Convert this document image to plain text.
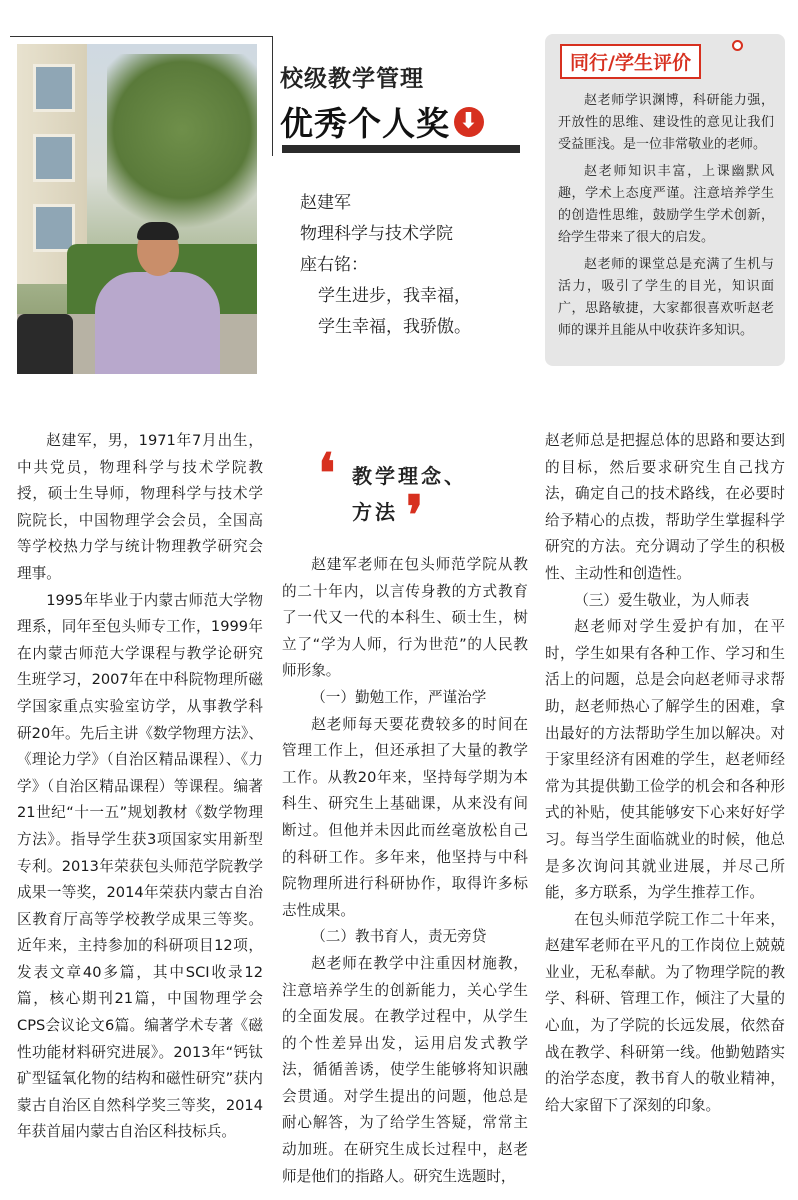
校级教学管理
优秀个人奖 ⬇
赵建军
物理科学与技术学院
座右铭：
学生进步，我幸福，
学生幸福，我骄傲。
同行/学生评价

赵老师学识渊博，科研能力强，开放性的思维、建设性的意见让我们受益匪浅。是一位非常敬业的老师。

赵老师知识丰富，上课幽默风趣，学术上态度严谨。注意培养学生的创造性思维，鼓励学生学术创新，给学生带来了很大的启发。

赵老师的课堂总是充满了生机与活力，吸引了学生的目光，知识面广，思路敏捷，大家都很喜欢听赵老师的课并且能从中收获许多知识。

赵建军，男，1971年7月出生，中共党员，物理科学与技术学院教授，硕士生导师，物理科学与技术学院院长，中国物理学会会员，全国高等学校热力学与统计物理教学研究会理事。

1995年毕业于内蒙古师范大学物理系，同年至包头师专工作，1999年在内蒙古师范大学课程与教学论研究生班学习，2007年在中科院物理所磁学国家重点实验室访学，从事教学科研20年。先后主讲《数学物理方法》、《理论力学》（自治区精品课程）、《力学》（自治区精品课程）等课程。编著21世纪“十一五”规划教材《数学物理方法》。指导学生获3项国家实用新型专利。2013年荣获包头师范学院教学成果一等奖，2014年荣获内蒙古自治区教育厅高等学校教学成果三等奖。近年来，主持参加的科研项目12项，发表文章40多篇，其中SCI收录12篇，核心期刊21篇，中国物理学会CPS会议论文6篇。编著学术专著《磁性功能材料研究进展》。2013年“钙钛矿型锰氧化物的结构和磁性研究”获内蒙古自治区自然科学奖三等奖，2014年获首届内蒙古自治区科技标兵。

❛ 教学理念、
方法 ❜

赵建军老师在包头师范学院从教的二十年内，以言传身教的方式教育了一代又一代的本科生、硕士生，树立了“学为人师，行为世范”的人民教师形象。

（一）勤勉工作，严谨治学

赵老师每天要花费较多的时间在管理工作上，但还承担了大量的教学工作。从教20年来，坚持每学期为本科生、研究生上基础课，从来没有间断过。但他并未因此而丝毫放松自己的科研工作。多年来，他坚持与中科院物理所进行科研协作，取得许多标志性成果。

（二）教书育人，责无旁贷

赵老师在教学中注重因材施教，注意培养学生的创新能力，关心学生的全面发展。在教学过程中，从学生的个性差异出发，运用启发式教学法，循循善诱，使学生能够将知识融会贯通。对学生提出的问题，他总是耐心解答，为了给学生答疑，常常主动加班。在研究生成长过程中，赵老师是他们的指路人。研究生选题时，

赵老师总是把握总体的思路和要达到的目标，然后要求研究生自己找方法，确定自己的技术路线，在必要时给予精心的点拨，帮助学生掌握科学研究的方法。充分调动了学生的积极性、主动性和创造性。

（三）爱生敬业，为人师表

赵老师对学生爱护有加，在平时，学生如果有各种工作、学习和生活上的问题，总是会向赵老师寻求帮助，赵老师热心了解学生的困难，拿出最好的方法帮助学生加以解决。对于家里经济有困难的学生，赵老师经常为其提供勤工俭学的机会和各种形式的补贴，使其能够安下心来好好学习。每当学生面临就业的时候，他总是多次询问其就业进展，并尽己所能，多方联系，为学生推荐工作。

在包头师范学院工作二十年来，赵建军老师在平凡的工作岗位上兢兢业业，无私奉献。为了物理学院的教学、科研、管理工作，倾注了大量的心血，为了学院的长远发展，依然奋战在教学、科研第一线。他勤勉踏实的治学态度，教书育人的敬业精神，给大家留下了深刻的印象。
